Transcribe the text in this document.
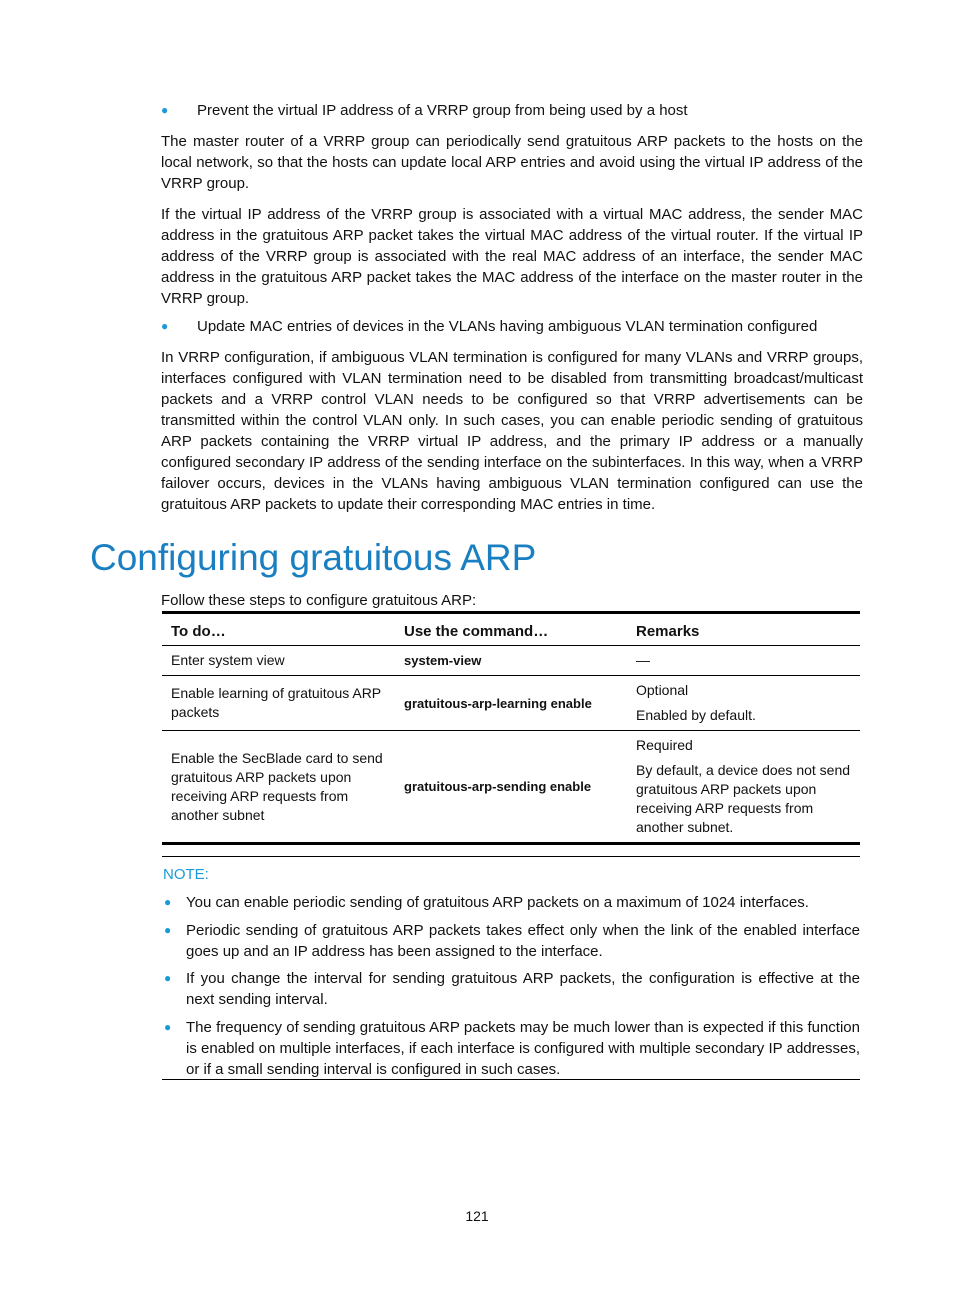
● Prevent the virtual IP address of a VRRP group from being used by a host

The master router of a VRRP group can periodically send gratuitous ARP packets to the hosts on the local network, so that the hosts can update local ARP entries and avoid using the virtual IP address of the VRRP group.

If the virtual IP address of the VRRP group is associated with a virtual MAC address, the sender MAC address in the gratuitous ARP packet takes the virtual MAC address of the virtual router. If the virtual IP address of the VRRP group is associated with the real MAC address of an interface, the sender MAC address in the gratuitous ARP packet takes the MAC address of the interface on the master router in the VRRP group.

● Update MAC entries of devices in the VLANs having ambiguous VLAN termination configured

In VRRP configuration, if ambiguous VLAN termination is configured for many VLANs and VRRP groups, interfaces configured with VLAN termination need to be disabled from transmitting broadcast/multicast packets and a VRRP control VLAN needs to be configured so that VRRP advertisements can be transmitted within the control VLAN only. In such cases, you can enable periodic sending of gratuitous ARP packets containing the VRRP virtual IP address, and the primary IP address or a manually configured secondary IP address of the sending interface on the subinterfaces. In this way, when a VRRP failover occurs, devices in the VLANs having ambiguous VLAN termination configured can use the gratuitous ARP packets to update their corresponding MAC entries in time.

Configuring gratuitous ARP
Follow these steps to configure gratuitous ARP:
To do…	Use the command…	Remarks
Enter system view	system-view	—

Enable learning of gratuitous ARP packets	gratuitous-arp-learning enable	Optional
Enabled by default.

Enable the SecBlade card to send gratuitous ARP packets upon receiving ARP requests from another subnet	gratuitous-arp-sending enable	Required
By default, a device does not send gratuitous ARP packets upon receiving ARP requests from another subnet.
NOTE:
● You can enable periodic sending of gratuitous ARP packets on a maximum of 1024 interfaces.
● Periodic sending of gratuitous ARP packets takes effect only when the link of the enabled interface goes up and an IP address has been assigned to the interface.
● If you change the interval for sending gratuitous ARP packets, the configuration is effective at the next sending interval.
● The frequency of sending gratuitous ARP packets may be much lower than is expected if this function is enabled on multiple interfaces, if each interface is configured with multiple secondary IP addresses, or if a small sending interval is configured in such cases.
121
